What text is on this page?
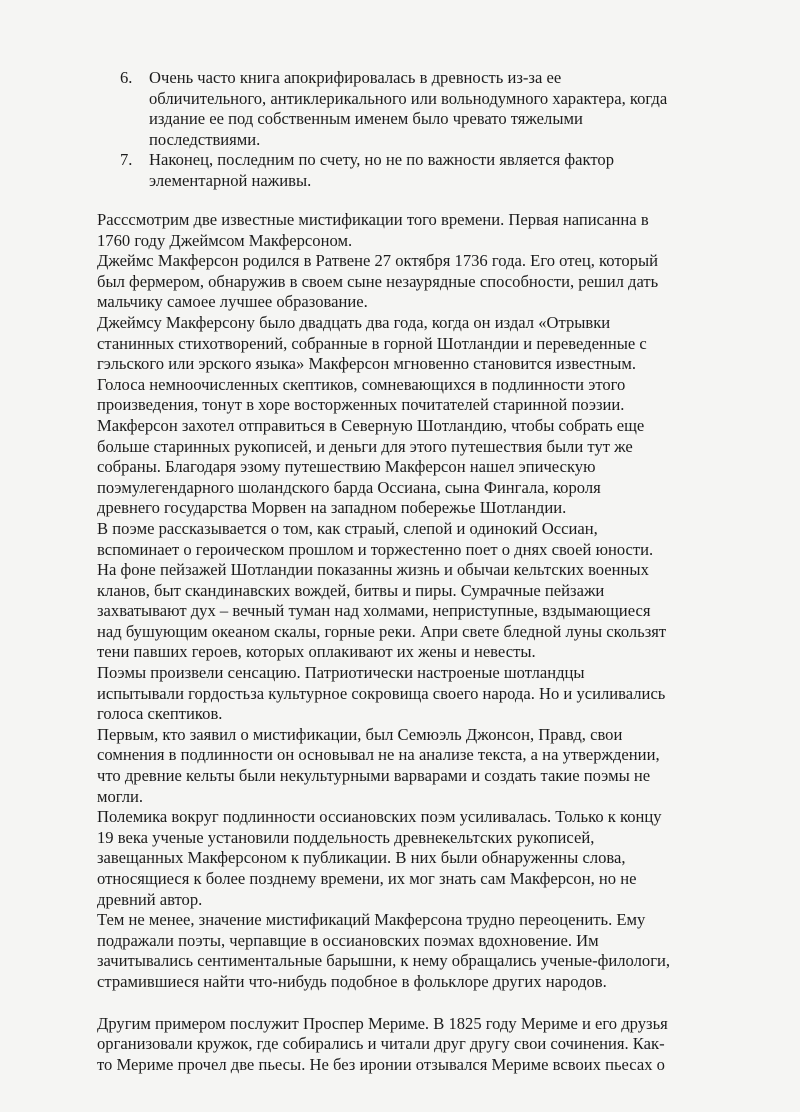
6. Очень часто книга апокрифировалась в древность из-за ее
обличительного, антиклерикального или вольнодумного характера, когда
издание ее под собственным именем было чревато тяжелыми
последствиями.
7. Наконец, последним по счету, но не по важности является фактор
элементарной наживы.
Расссмотрим две известные мистификации того времени. Первая написанна в
1760 году Джеймсом Макферсоном.
Джеймс Макферсон родился в Ратвене 27 октября 1736 года. Его отец, который
был фермером, обнаружив в своем сыне незаурядные способности, решил дать
мальчику самоее лучшее образование.
Джеймсу Макферсону было двадцать два года, когда он издал «Отрывки
станинных стихотворений, собранные в горной Шотландии и переведенные с
гэльского или эрского языка» Макферсон мгновенно становится известным.
Голоса немноочисленных скептиков, сомневающихся в подлинности этого
произведения, тонут в хоре восторженных почитателей старинной поэзии.
Макферсон захотел отправиться в Северную Шотландию, чтобы собрать еще
больше старинных рукописей, и деньги для этого путешествия были тут же
собраны. Благодаря эзому путешествию Макферсон нашел эпическую
поэмулегендарного шоландского барда Оссиана, сына Фингала, короля
древнего государства Морвен на западном побережье Шотландии.
В поэме рассказывается о том, как страый, слепой и одинокий Оссиан,
вспоминает о героическом прошлом и торжестенно поет о днях своей юности.
На фоне пейзажей Шотландии показанны жизнь и обычаи кельтских военных
кланов, быт скандинавских вождей, битвы и пиры. Сумрачные пейзажи
захватывают дух – вечный туман над холмами, неприступные, вздымающиеся
над бушующим океаном скалы, горные реки. Апри свете бледной луны скользят
тени павших героев, которых оплакивают их жены и невесты.
Поэмы произвели сенсацию. Патриотически настроеные шотландцы
испытывали гордостьза культурное сокровища своего народа. Но и усиливались
голоса скептиков.
Первым, кто заявил о мистификации, был Семюэль Джонсон, Правд, свои
сомнения в подлинности он основывал не на анализе текста, а на утверждении,
что древние кельты были некультурными варварами и создать такие поэмы не
могли.
Полемика вокруг подлинности оссиановских поэм усиливалась. Только к концу
19 века ученые установили поддельность древнекельтских рукописей,
завещанных Макферсоном к публикации. В них были обнаруженны слова,
относящиеся к более позднему времени, их мог знать сам Макферсон, но не
древний автор.
Тем не менее, значение мистификаций Макферсона трудно переоценить. Ему
подражали поэты, черпавщие в оссиановских поэмах вдохновение. Им
зачитывались сентиментальные барышни, к нему обращались ученые-филологи,
страмившиеся найти что-нибудь подобное в фольклоре других народов.
Другим примером послужит Проспер Мериме. В 1825 году Мериме и его друзья
организовали кружок, где собирались и читали друг другу свои сочинения. Как-
то Мериме прочел две пьесы. Не без иронии отзывался Мериме всвоих пьесах о
